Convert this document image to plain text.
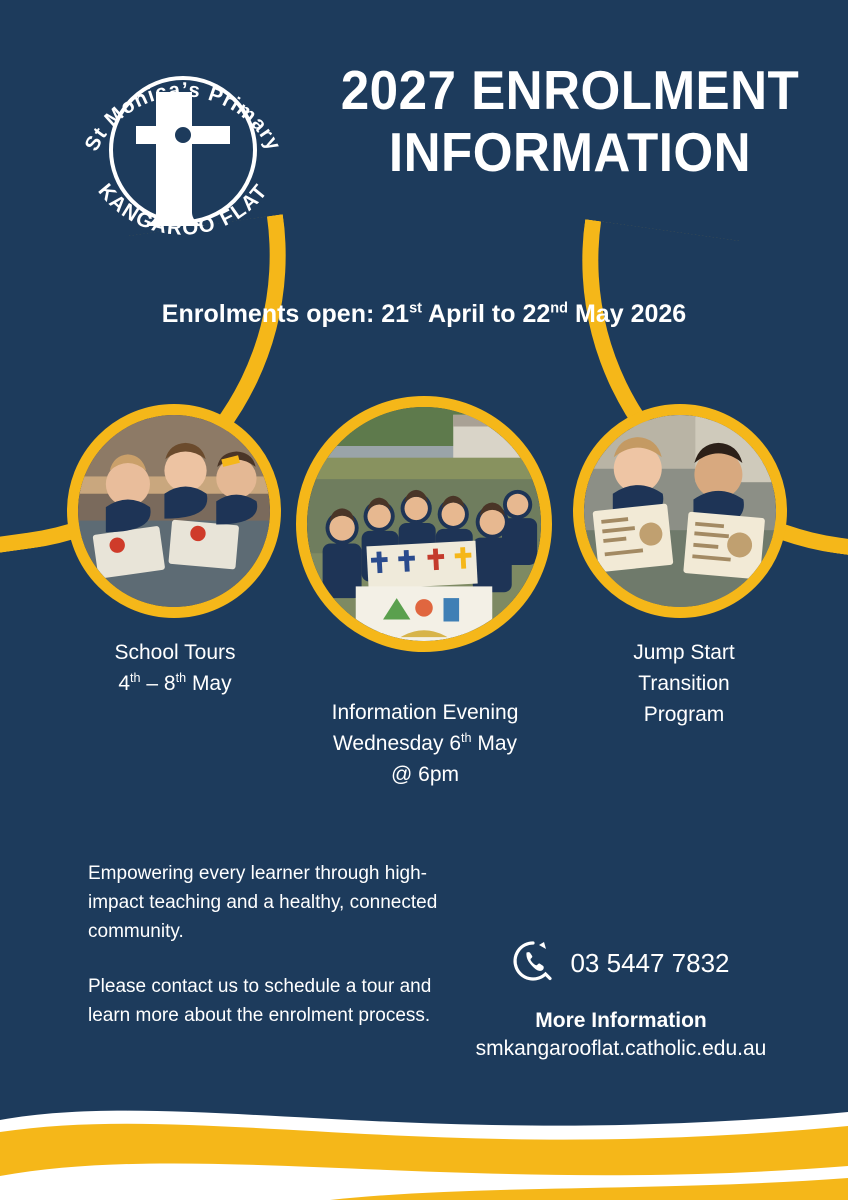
St Monica’s Primary
KANGAROO FLAT
2027 ENROLMENT
INFORMATION
Enrolments open: 21st April to 22nd May 2026
School Tours
4th – 8th May
Information Evening
Wednesday 6th May
@ 6pm
Jump Start
Transition
Program

Empowering every learner through high-impact teaching and a healthy, connected community.

Please contact us to schedule a tour and learn more about the enrolment process.

03 5447 7832
More Information
smkangarooflat.catholic.edu.au
